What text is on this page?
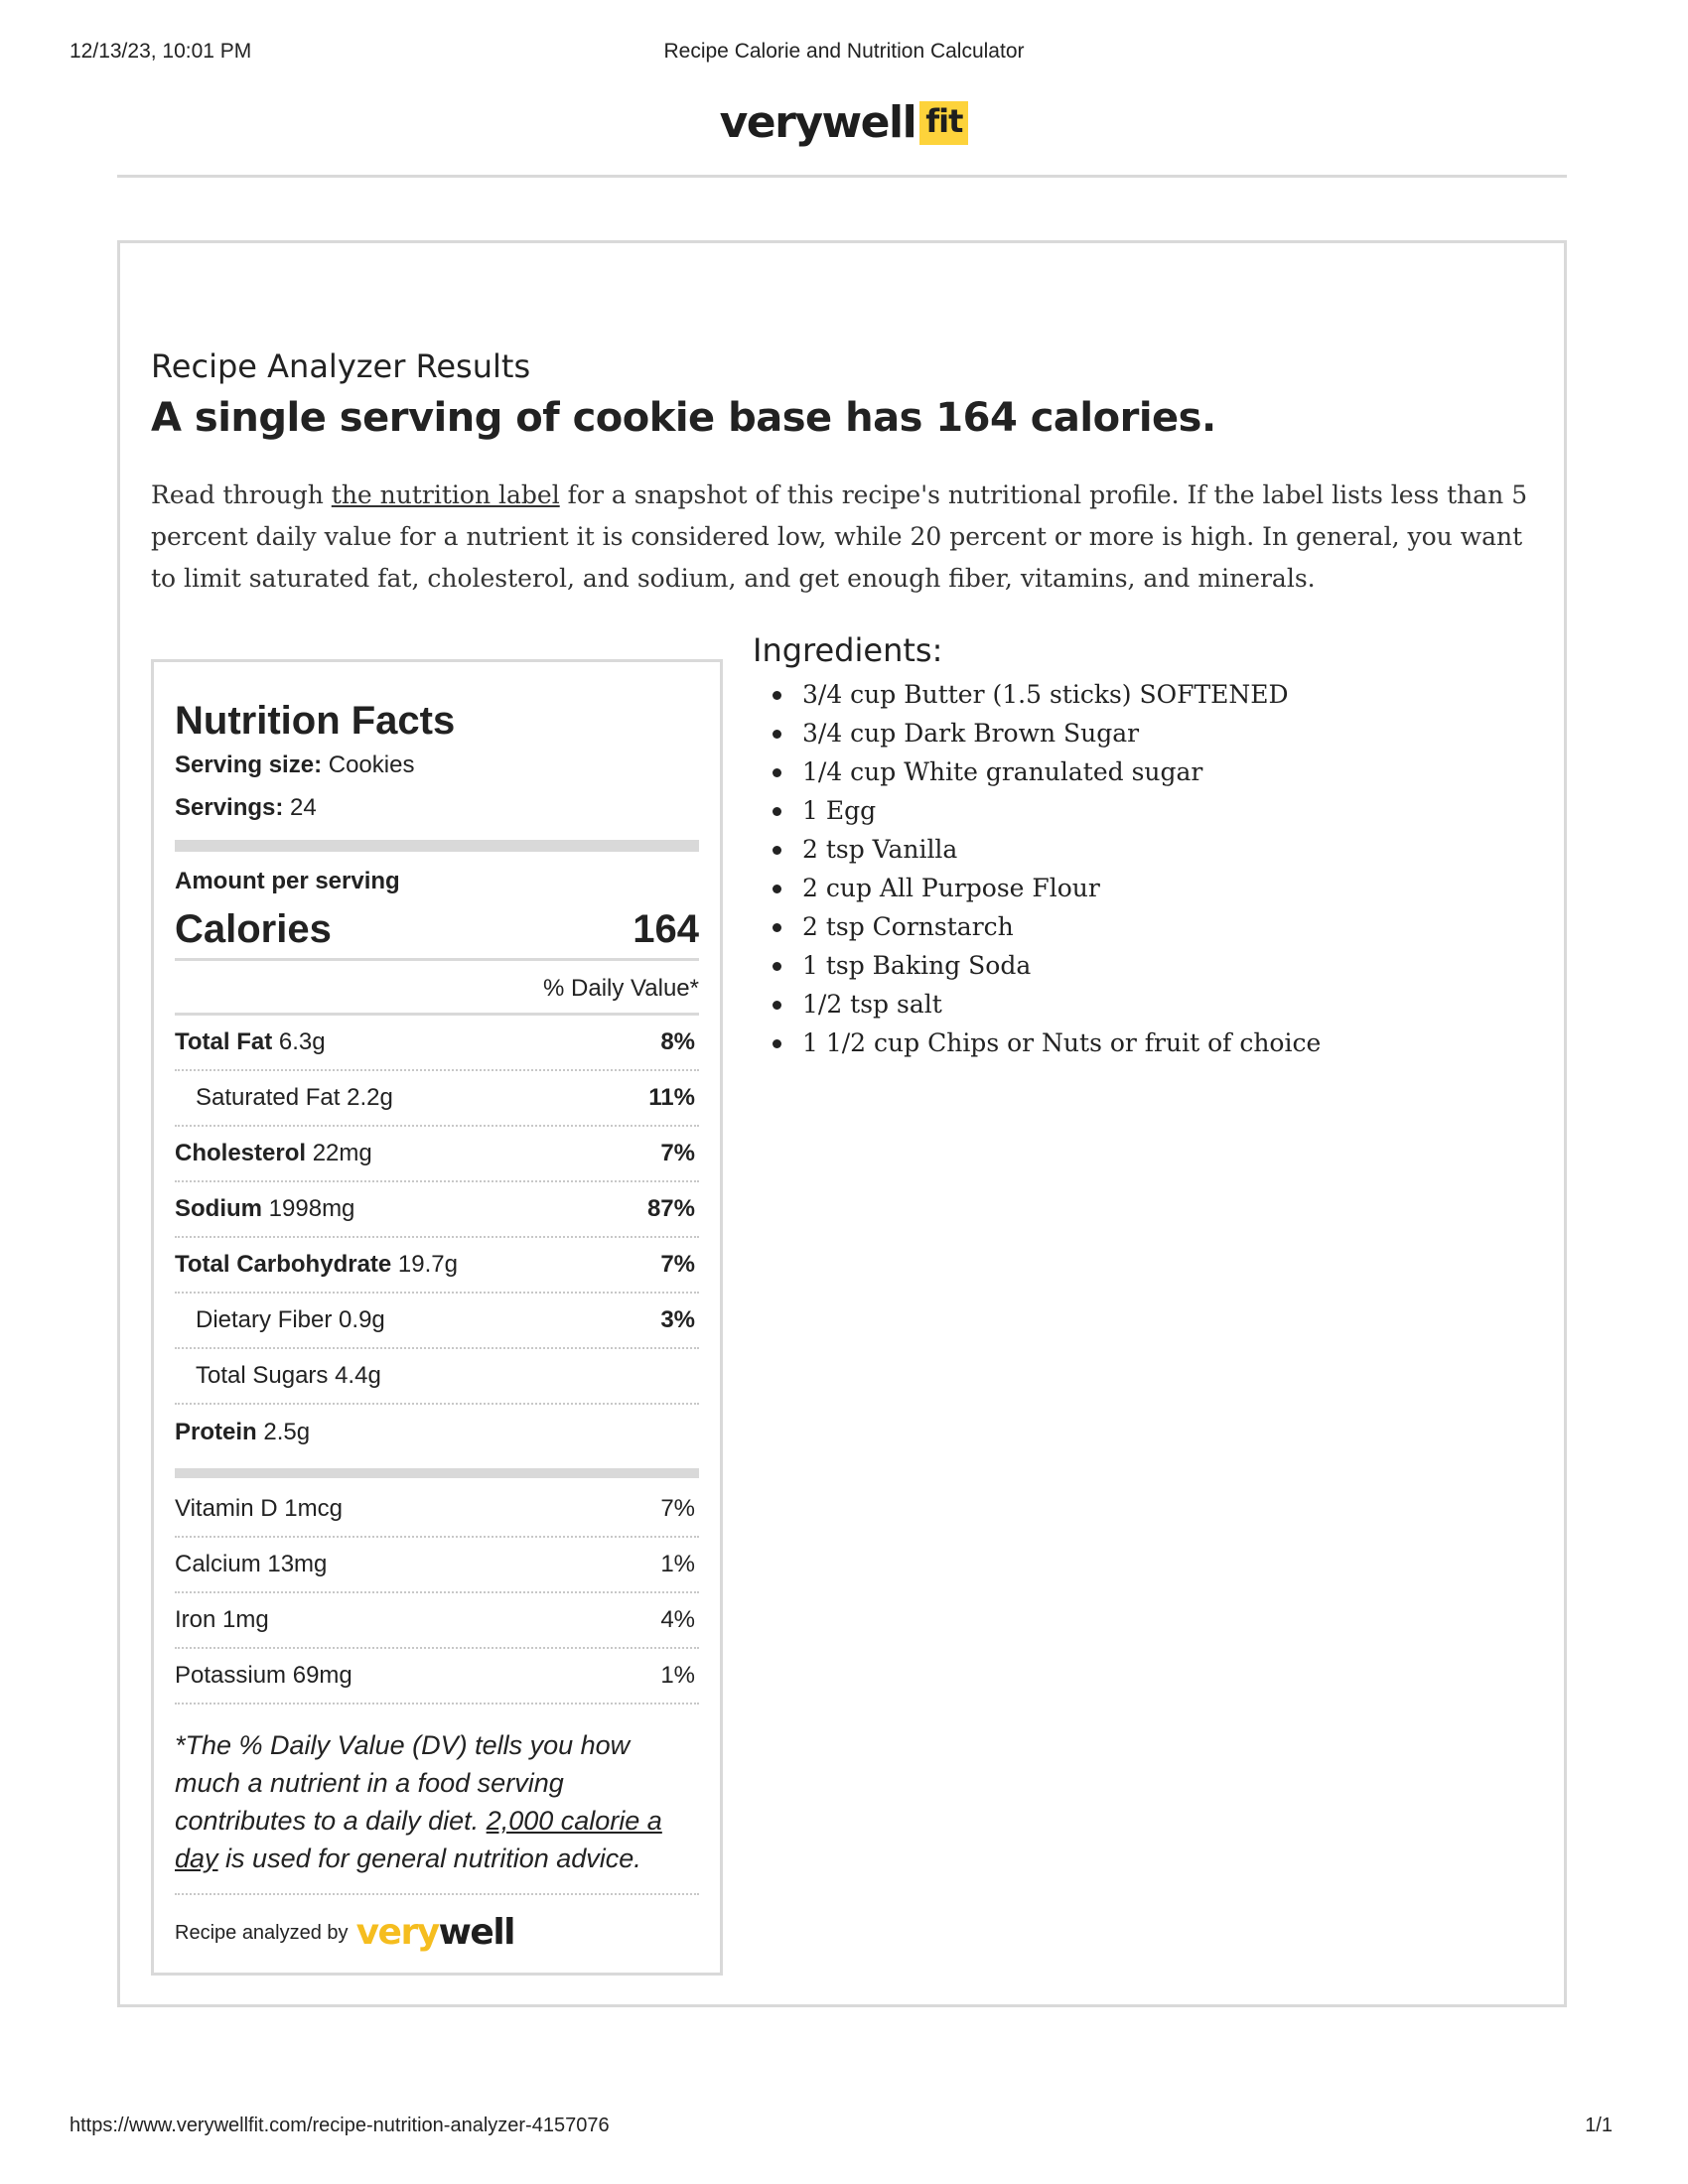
12/13/23, 10:01 PM	Recipe Calorie and Nutrition Calculator
verywell fit
Recipe Analyzer Results
A single serving of cookie base has 164 calories.

Read through the nutrition label for a snapshot of this recipe's nutritional profile. If the label lists less than 5 percent daily value for a nutrient it is considered low, while 20 percent or more is high. In general, you want to limit saturated fat, cholesterol, and sodium, and get enough fiber, vitamins, and minerals.

Nutrition Facts
Serving size: Cookies
Servings: 24
Amount per serving
Calories	164
% Daily Value*
Total Fat 6.3g	8%
Saturated Fat 2.2g	11%
Cholesterol 22mg	7%
Sodium 1998mg	87%
Total Carbohydrate 19.7g	7%
Dietary Fiber 0.9g	3%
Total Sugars 4.4g
Protein 2.5g
Vitamin D 1mcg	7%
Calcium 13mg	1%
Iron 1mg	4%
Potassium 69mg	1%

*The % Daily Value (DV) tells you how much a nutrient in a food serving contributes to a daily diet. 2,000 calorie a day is used for general nutrition advice.

Recipe analyzed by verywell
Ingredients:
3/4 cup Butter (1.5 sticks) SOFTENED
3/4 cup Dark Brown Sugar
1/4 cup White granulated sugar
1 Egg
2 tsp Vanilla
2 cup All Purpose Flour
2 tsp Cornstarch
1 tsp Baking Soda
1/2 tsp salt
1 1/2 cup Chips or Nuts or fruit of choice
https://www.verywellfit.com/recipe-nutrition-analyzer-4157076	1/1
